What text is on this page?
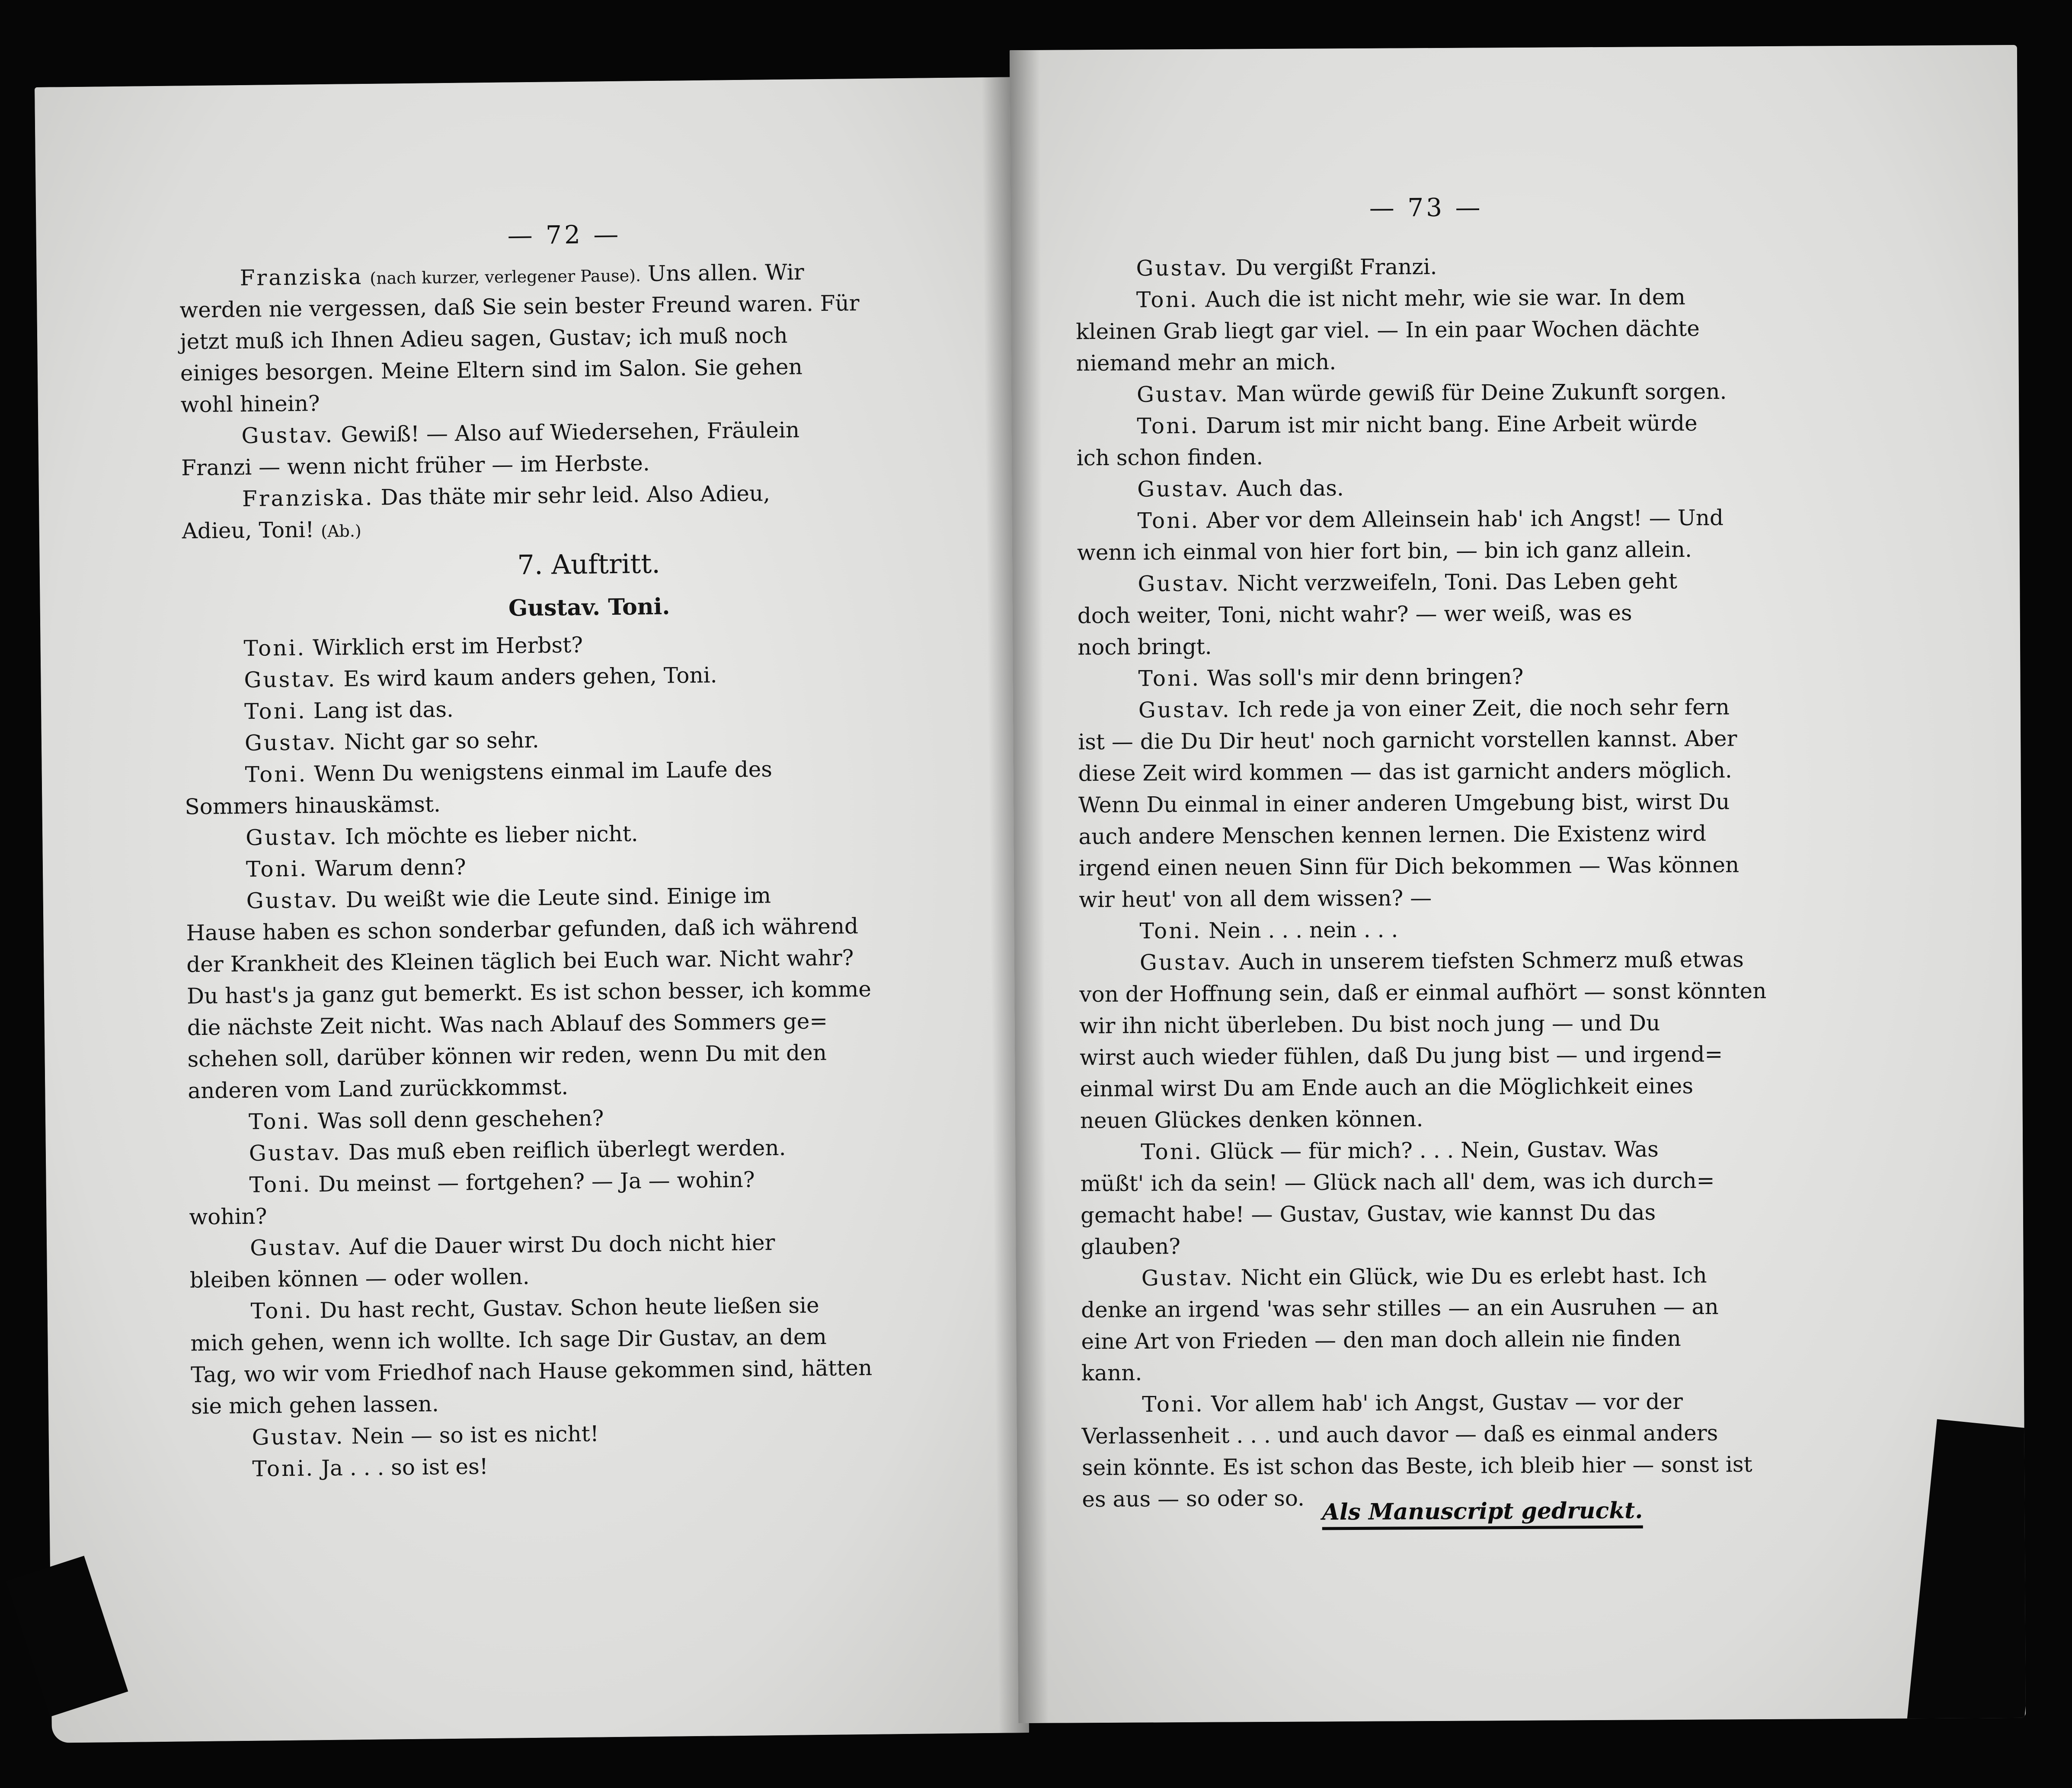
— 72 —
Franziska (nach kurzer, verlegener Pause). Uns allen. Wir
werden nie vergessen, daß Sie sein bester Freund waren. Für
jetzt muß ich Ihnen Adieu sagen, Gustav; ich muß noch
einiges besorgen. Meine Eltern sind im Salon. Sie gehen
wohl hinein?
Gustav. Gewiß! — Also auf Wiedersehen, Fräulein
Franzi — wenn nicht früher — im Herbste.
Franziska. Das thäte mir sehr leid. Also Adieu,
Adieu, Toni! (Ab.)
7. Auftritt.
Gustav. Toni.
Toni. Wirklich erst im Herbst?
Gustav. Es wird kaum anders gehen, Toni.
Toni. Lang ist das.
Gustav. Nicht gar so sehr.
Toni. Wenn Du wenigstens einmal im Laufe des
Sommers hinauskämst.
Gustav. Ich möchte es lieber nicht.
Toni. Warum denn?
Gustav. Du weißt wie die Leute sind. Einige im
Hause haben es schon sonderbar gefunden, daß ich während
der Krankheit des Kleinen täglich bei Euch war. Nicht wahr?
Du hast's ja ganz gut bemerkt. Es ist schon besser, ich komme
die nächste Zeit nicht. Was nach Ablauf des Sommers ge=
schehen soll, darüber können wir reden, wenn Du mit den
anderen vom Land zurückkommst.
Toni. Was soll denn geschehen?
Gustav. Das muß eben reiflich überlegt werden.
Toni. Du meinst — fortgehen? — Ja — wohin?
wohin?
Gustav. Auf die Dauer wirst Du doch nicht hier
bleiben können — oder wollen.
Toni. Du hast recht, Gustav. Schon heute ließen sie
mich gehen, wenn ich wollte. Ich sage Dir Gustav, an dem
Tag, wo wir vom Friedhof nach Hause gekommen sind, hätten
sie mich gehen lassen.
Gustav. Nein — so ist es nicht!
Toni. Ja . . . so ist es!
— 73 —
Gustav. Du vergißt Franzi.
Toni. Auch die ist nicht mehr, wie sie war. In dem
kleinen Grab liegt gar viel. — In ein paar Wochen dächte
niemand mehr an mich.
Gustav. Man würde gewiß für Deine Zukunft sorgen.
Toni. Darum ist mir nicht bang. Eine Arbeit würde
ich schon finden.
Gustav. Auch das.
Toni. Aber vor dem Alleinsein hab' ich Angst! — Und
wenn ich einmal von hier fort bin, — bin ich ganz allein.
Gustav. Nicht verzweifeln, Toni. Das Leben geht
doch weiter, Toni, nicht wahr? — wer weiß, was es
noch bringt.
Toni. Was soll's mir denn bringen?
Gustav. Ich rede ja von einer Zeit, die noch sehr fern
ist — die Du Dir heut' noch garnicht vorstellen kannst. Aber
diese Zeit wird kommen — das ist garnicht anders möglich.
Wenn Du einmal in einer anderen Umgebung bist, wirst Du
auch andere Menschen kennen lernen. Die Existenz wird
irgend einen neuen Sinn für Dich bekommen — Was können
wir heut' von all dem wissen? —
Toni. Nein . . . nein . . .
Gustav. Auch in unserem tiefsten Schmerz muß etwas
von der Hoffnung sein, daß er einmal aufhört — sonst könnten
wir ihn nicht überleben. Du bist noch jung — und Du
wirst auch wieder fühlen, daß Du jung bist — und irgend=
einmal wirst Du am Ende auch an die Möglichkeit eines
neuen Glückes denken können.
Toni. Glück — für mich? . . . Nein, Gustav. Was
müßt' ich da sein! — Glück nach all' dem, was ich durch=
gemacht habe! — Gustav, Gustav, wie kannst Du das
glauben?
Gustav. Nicht ein Glück, wie Du es erlebt hast. Ich
denke an irgend 'was sehr stilles — an ein Ausruhen — an
eine Art von Frieden — den man doch allein nie finden
kann.
Toni. Vor allem hab' ich Angst, Gustav — vor der
Verlassenheit . . . und auch davor — daß es einmal anders
sein könnte. Es ist schon das Beste, ich bleib hier — sonst ist
es aus — so oder so. Als Manuscript gedruckt.
